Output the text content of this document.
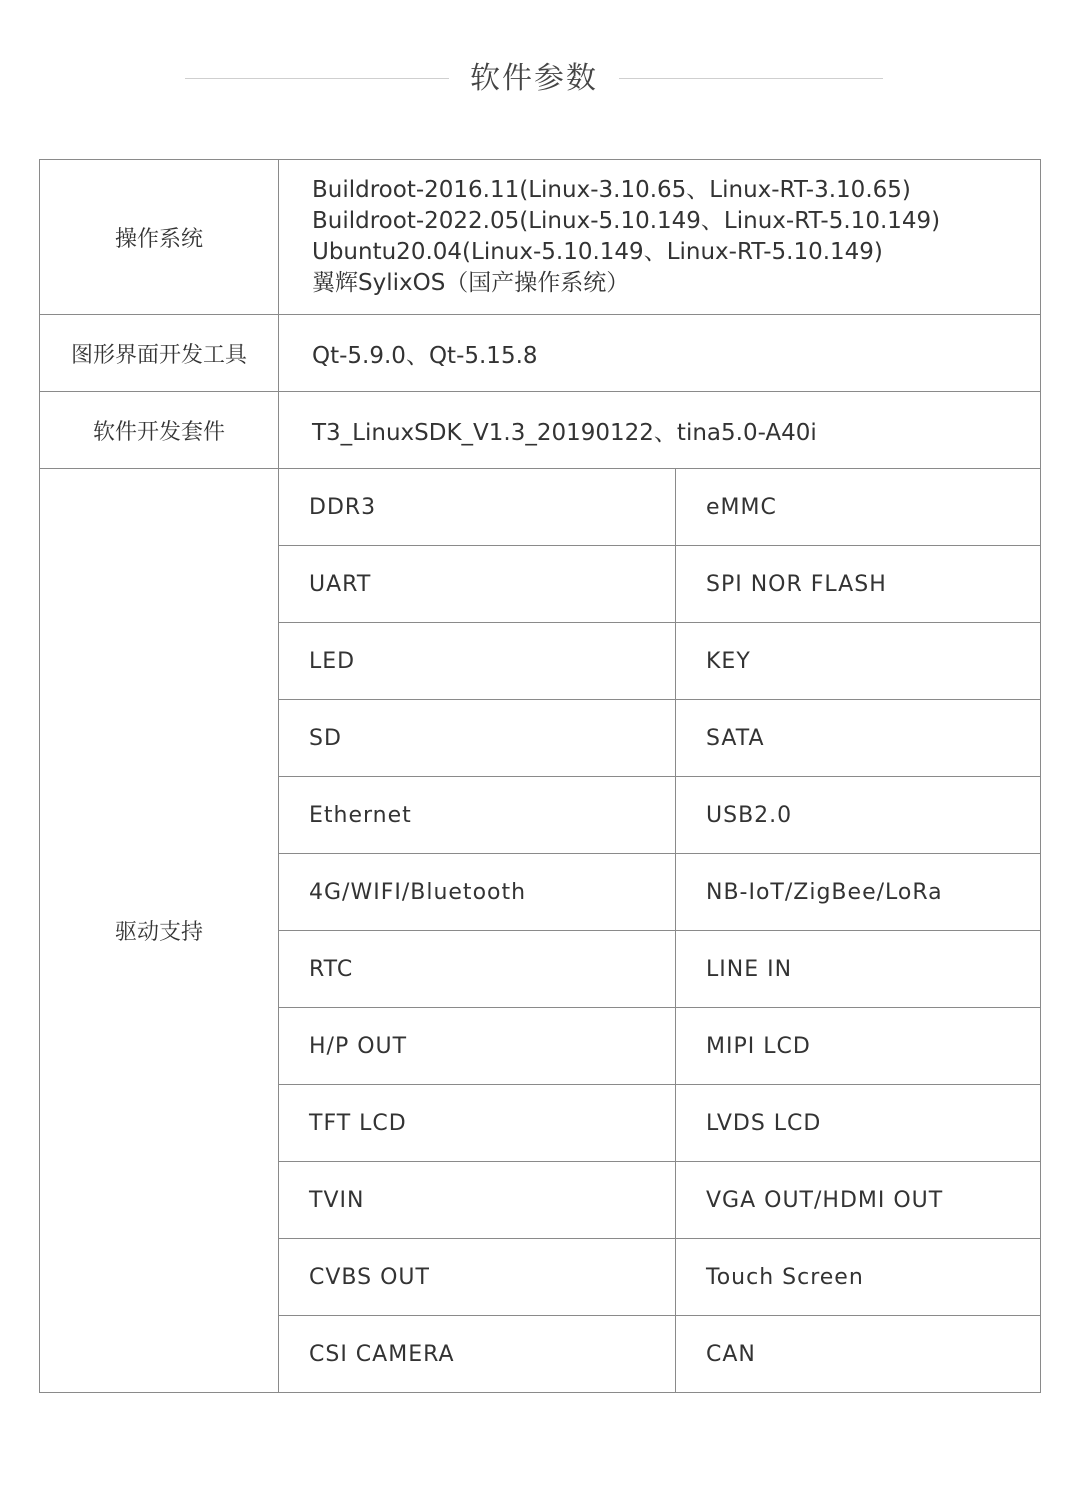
软件参数
操作系统	Buildroot-2016.11(Linux-3.10.65、Linux-RT-3.10.65)
Buildroot-2022.05(Linux-5.10.149、Linux-RT-5.10.149)
Ubuntu20.04(Linux-5.10.149、Linux-RT-5.10.149)
翼辉SylixOS（国产操作系统）	

图形界面开发工具	Qt-5.9.0、Qt-5.15.8	
软件开发套件	T3_LinuxSDK_V1.3_20190122、tina5.0-A40i	
驱动支持	DDR3	eMMC
	UART	SPI NOR FLASH
	LED	KEY
	SD	SATA
	Ethernet	USB2.0
	4G/WIFI/Bluetooth	NB-IoT/ZigBee/LoRa
	RTC	LINE IN
	H/P OUT	MIPI LCD
	TFT LCD	LVDS LCD
	TVIN	VGA OUT/HDMI OUT
	CVBS OUT	Touch Screen
	CSI CAMERA	CAN
